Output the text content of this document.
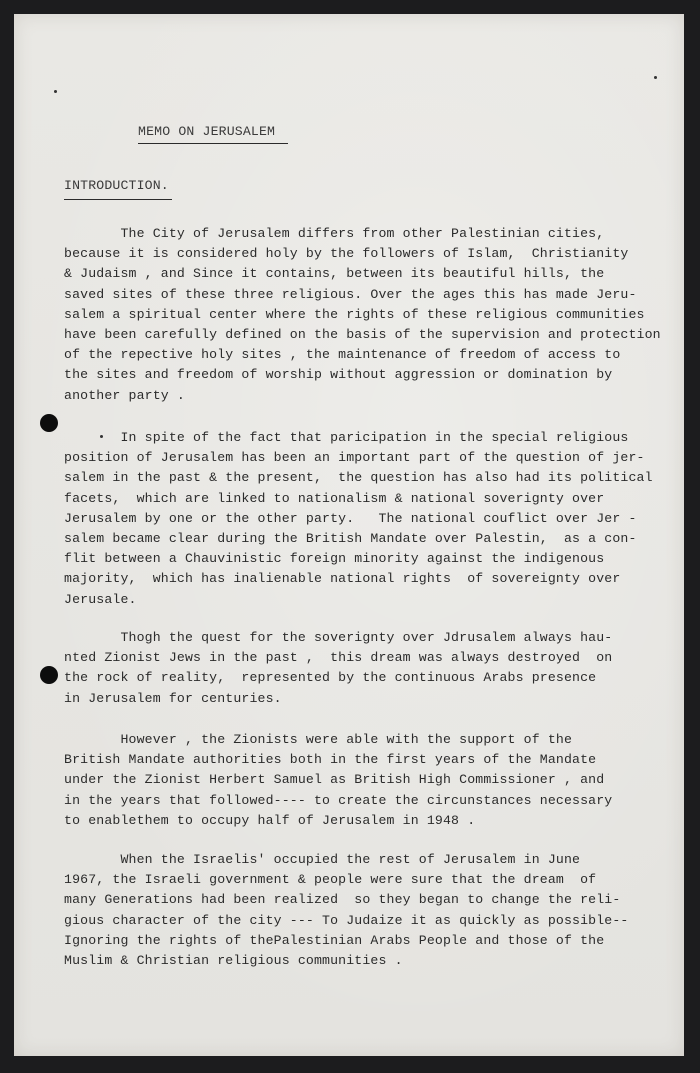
MEMO ON JERUSALEM
INTRODUCTION.
The City of Jerusalem differs from other Palestinian cities,
because it is considered holy by the followers of Islam,  Christianity
& Judaism , and Since it contains, between its beautiful hills, the
saved sites of these three religious. Over the ages this has made Jeru-
salem a spiritual center where the rights of these religious communities
have been carefully defined on the basis of the supervision and protection
of the repective holy sites , the maintenance of freedom of access to
the sites and freedom of worship without aggression or domination by
another party .
In spite of the fact that paricipation in the special religious
position of Jerusalem has been an important part of the question of jer-
salem in the past & the present,  the question has also had its political
facets,  which are linked to nationalism & national soverignty over
Jerusalem by one or the other party.   The national couflict over Jer -
salem became clear during the British Mandate over Palestin,  as a con-
flit between a Chauvinistic foreign minority against the indigenous
majority,  which has inalienable national rights  of sovereignty over
Jerusale.
Thogh the quest for the soverignty over Jdrusalem always hau-
nted Zionist Jews in the past ,  this dream was always destroyed  on
the rock of reality,  represented by the continuous Arabs presence
in Jerusalem for centuries.
However , the Zionists were able with the support of the
British Mandate authorities both in the first years of the Mandate
under the Zionist Herbert Samuel as British High Commissioner , and
in the years that followed---- to create the circunstances necessary
to enablethem to occupy half of Jerusalem in 1948 .
When the Israelis' occupied the rest of Jerusalem in June
1967, the Israeli government & people were sure that the dream  of
many Generations had been realized  so they began to change the reli-
gious character of the city --- To Judaize it as quickly as possible--
Ignoring the rights of thePalestinian Arabs People and those of the
Muslim & Christian religious communities .
